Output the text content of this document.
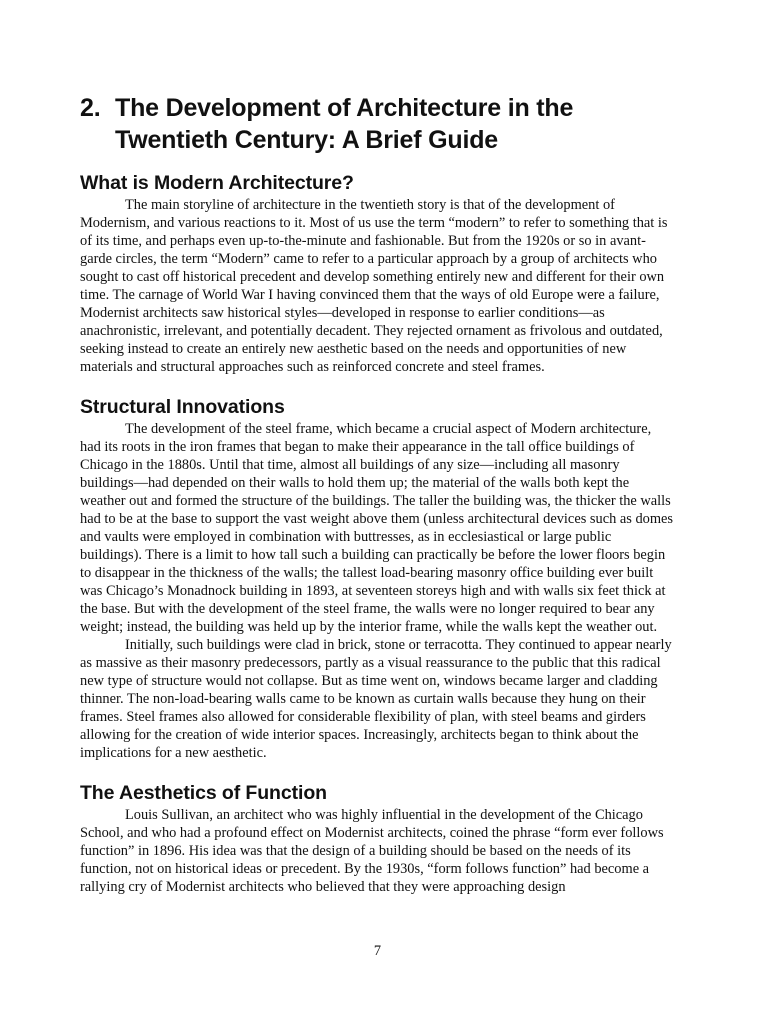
2. The Development of Architecture in the
Twentieth Century: A Brief Guide
What is Modern Architecture?

The main storyline of architecture in the twentieth story is that of the development of Modernism, and various reactions to it. Most of us use the term “modern” to refer to something that is of its time, and perhaps even up-to-the-minute and fashionable. But from the 1920s or so in avant-garde circles, the term “Modern” came to refer to a particular approach by a group of architects who sought to cast off historical precedent and develop something entirely new and different for their own time. The carnage of World War I having convinced them that the ways of old Europe were a failure, Modernist architects saw historical styles—developed in response to earlier conditions—as anachronistic, irrelevant, and potentially decadent. They rejected ornament as frivolous and outdated, seeking instead to create an entirely new aesthetic based on the needs and opportunities of new materials and structural approaches such as reinforced concrete and steel frames.

Structural Innovations

The development of the steel frame, which became a crucial aspect of Modern architecture, had its roots in the iron frames that began to make their appearance in the tall office buildings of Chicago in the 1880s. Until that time, almost all buildings of any size—including all masonry buildings—had depended on their walls to hold them up; the material of the walls both kept the weather out and formed the structure of the buildings. The taller the building was, the thicker the walls had to be at the base to support the vast weight above them (unless architectural devices such as domes and vaults were employed in combination with buttresses, as in ecclesiastical or large public buildings). There is a limit to how tall such a building can practically be before the lower floors begin to disappear in the thickness of the walls; the tallest load-bearing masonry office building ever built was Chicago’s Monadnock building in 1893, at seventeen storeys high and with walls six feet thick at the base. But with the development of the steel frame, the walls were no longer required to bear any weight; instead, the building was held up by the interior frame, while the walls kept the weather out.

Initially, such buildings were clad in brick, stone or terracotta. They continued to appear nearly as massive as their masonry predecessors, partly as a visual reassurance to the public that this radical new type of structure would not collapse. But as time went on, windows became larger and cladding thinner. The non-load-bearing walls came to be known as curtain walls because they hung on their frames. Steel frames also allowed for considerable flexibility of plan, with steel beams and girders allowing for the creation of wide interior spaces. Increasingly, architects began to think about the implications for a new aesthetic.

The Aesthetics of Function

Louis Sullivan, an architect who was highly influential in the development of the Chicago School, and who had a profound effect on Modernist architects, coined the phrase “form ever follows function” in 1896. His idea was that the design of a building should be based on the needs of its function, not on historical ideas or precedent. By the 1930s, “form follows function” had become a rallying cry of Modernist architects who believed that they were approaching design

7
